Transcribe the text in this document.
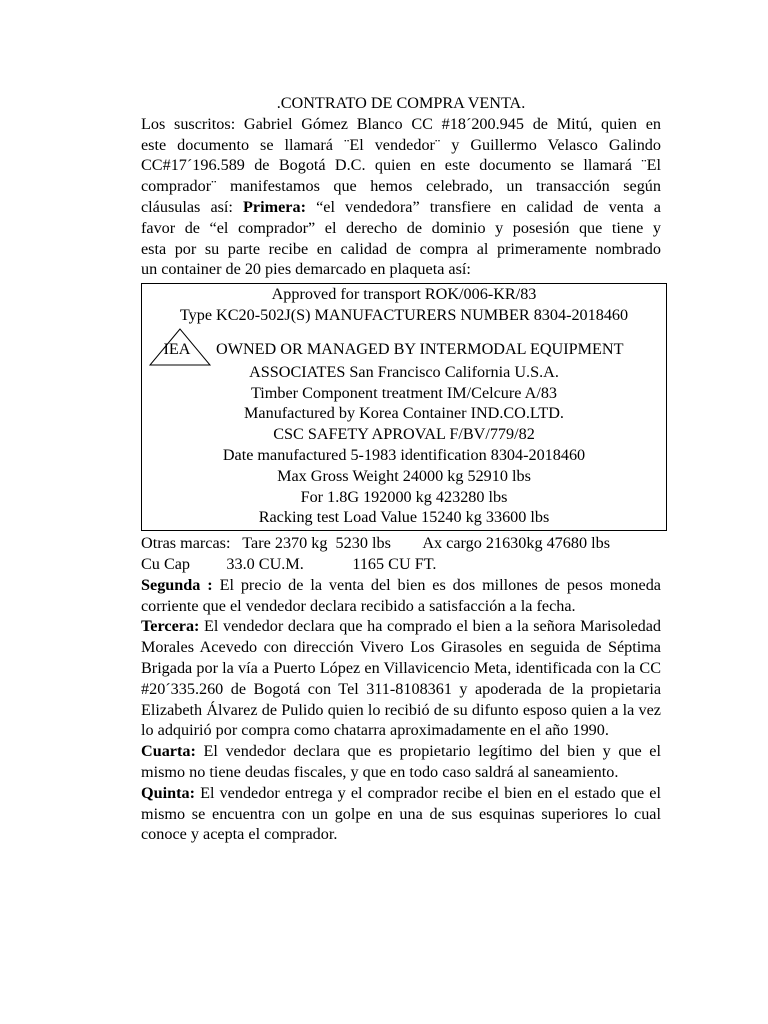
.CONTRATO DE COMPRA VENTA.
Los suscritos: Gabriel Gómez Blanco CC #18´200.945 de Mitú, quien en
este documento se llamará ¨El vendedor¨ y Guillermo Velasco Galindo
CC#17´196.589 de Bogotá D.C. quien en este documento se llamará ¨El
comprador¨ manifestamos que hemos celebrado, un transacción según
cláusulas así: Primera: “el vendedora” transfiere en calidad de venta a
favor de “el comprador” el derecho de dominio y posesión que tiene y
esta por su parte recibe en calidad de compra al primeramente nombrado
un container de 20 pies demarcado en plaqueta así:
Approved for transport ROK/006-KR/83
Type KC20-502J(S) MANUFACTURERS NUMBER 8304-2018460
IEA	OWNED OR MANAGED BY INTERMODAL EQUIPMENT
ASSOCIATES San Francisco California U.S.A.
Timber Component treatment IM/Celcure A/83
Manufactured by Korea Container IND.CO.LTD.
CSC SAFETY APROVAL F/BV/779/82
Date manufactured 5-1983 identification 8304-2018460
Max Gross Weight 24000 kg 52910 lbs
For 1.8G 192000 kg 423280 lbs
Racking test Load Value 15240 kg 33600 lbs
Otras marcas:   Tare 2370 kg  5230 lbs        Ax cargo 21630kg 47680 lbs
Cu Cap         33.0 CU.M.            1165 CU FT.
Segunda : El precio de la venta del bien es dos millones de pesos moneda corriente que el vendedor declara recibido a satisfacción a la fecha.
Tercera: El vendedor declara que ha comprado el bien a la señora Marisoledad Morales Acevedo con dirección Vivero Los Girasoles en seguida de Séptima Brigada por la vía a Puerto López en Villavicencio Meta, identificada con la CC #20´335.260 de Bogotá con Tel 311-8108361 y apoderada de la propietaria Elizabeth Álvarez de Pulido quien lo recibió de su difunto esposo quien a la vez lo adquirió por compra como chatarra aproximadamente en el año 1990.
Cuarta: El vendedor declara que es propietario legítimo del bien y que el mismo no tiene deudas fiscales, y que en todo caso saldrá al saneamiento.
Quinta: El vendedor entrega y el comprador recibe el bien en el estado que el mismo se encuentra con un golpe en una de sus esquinas superiores lo cual conoce y acepta el comprador.
